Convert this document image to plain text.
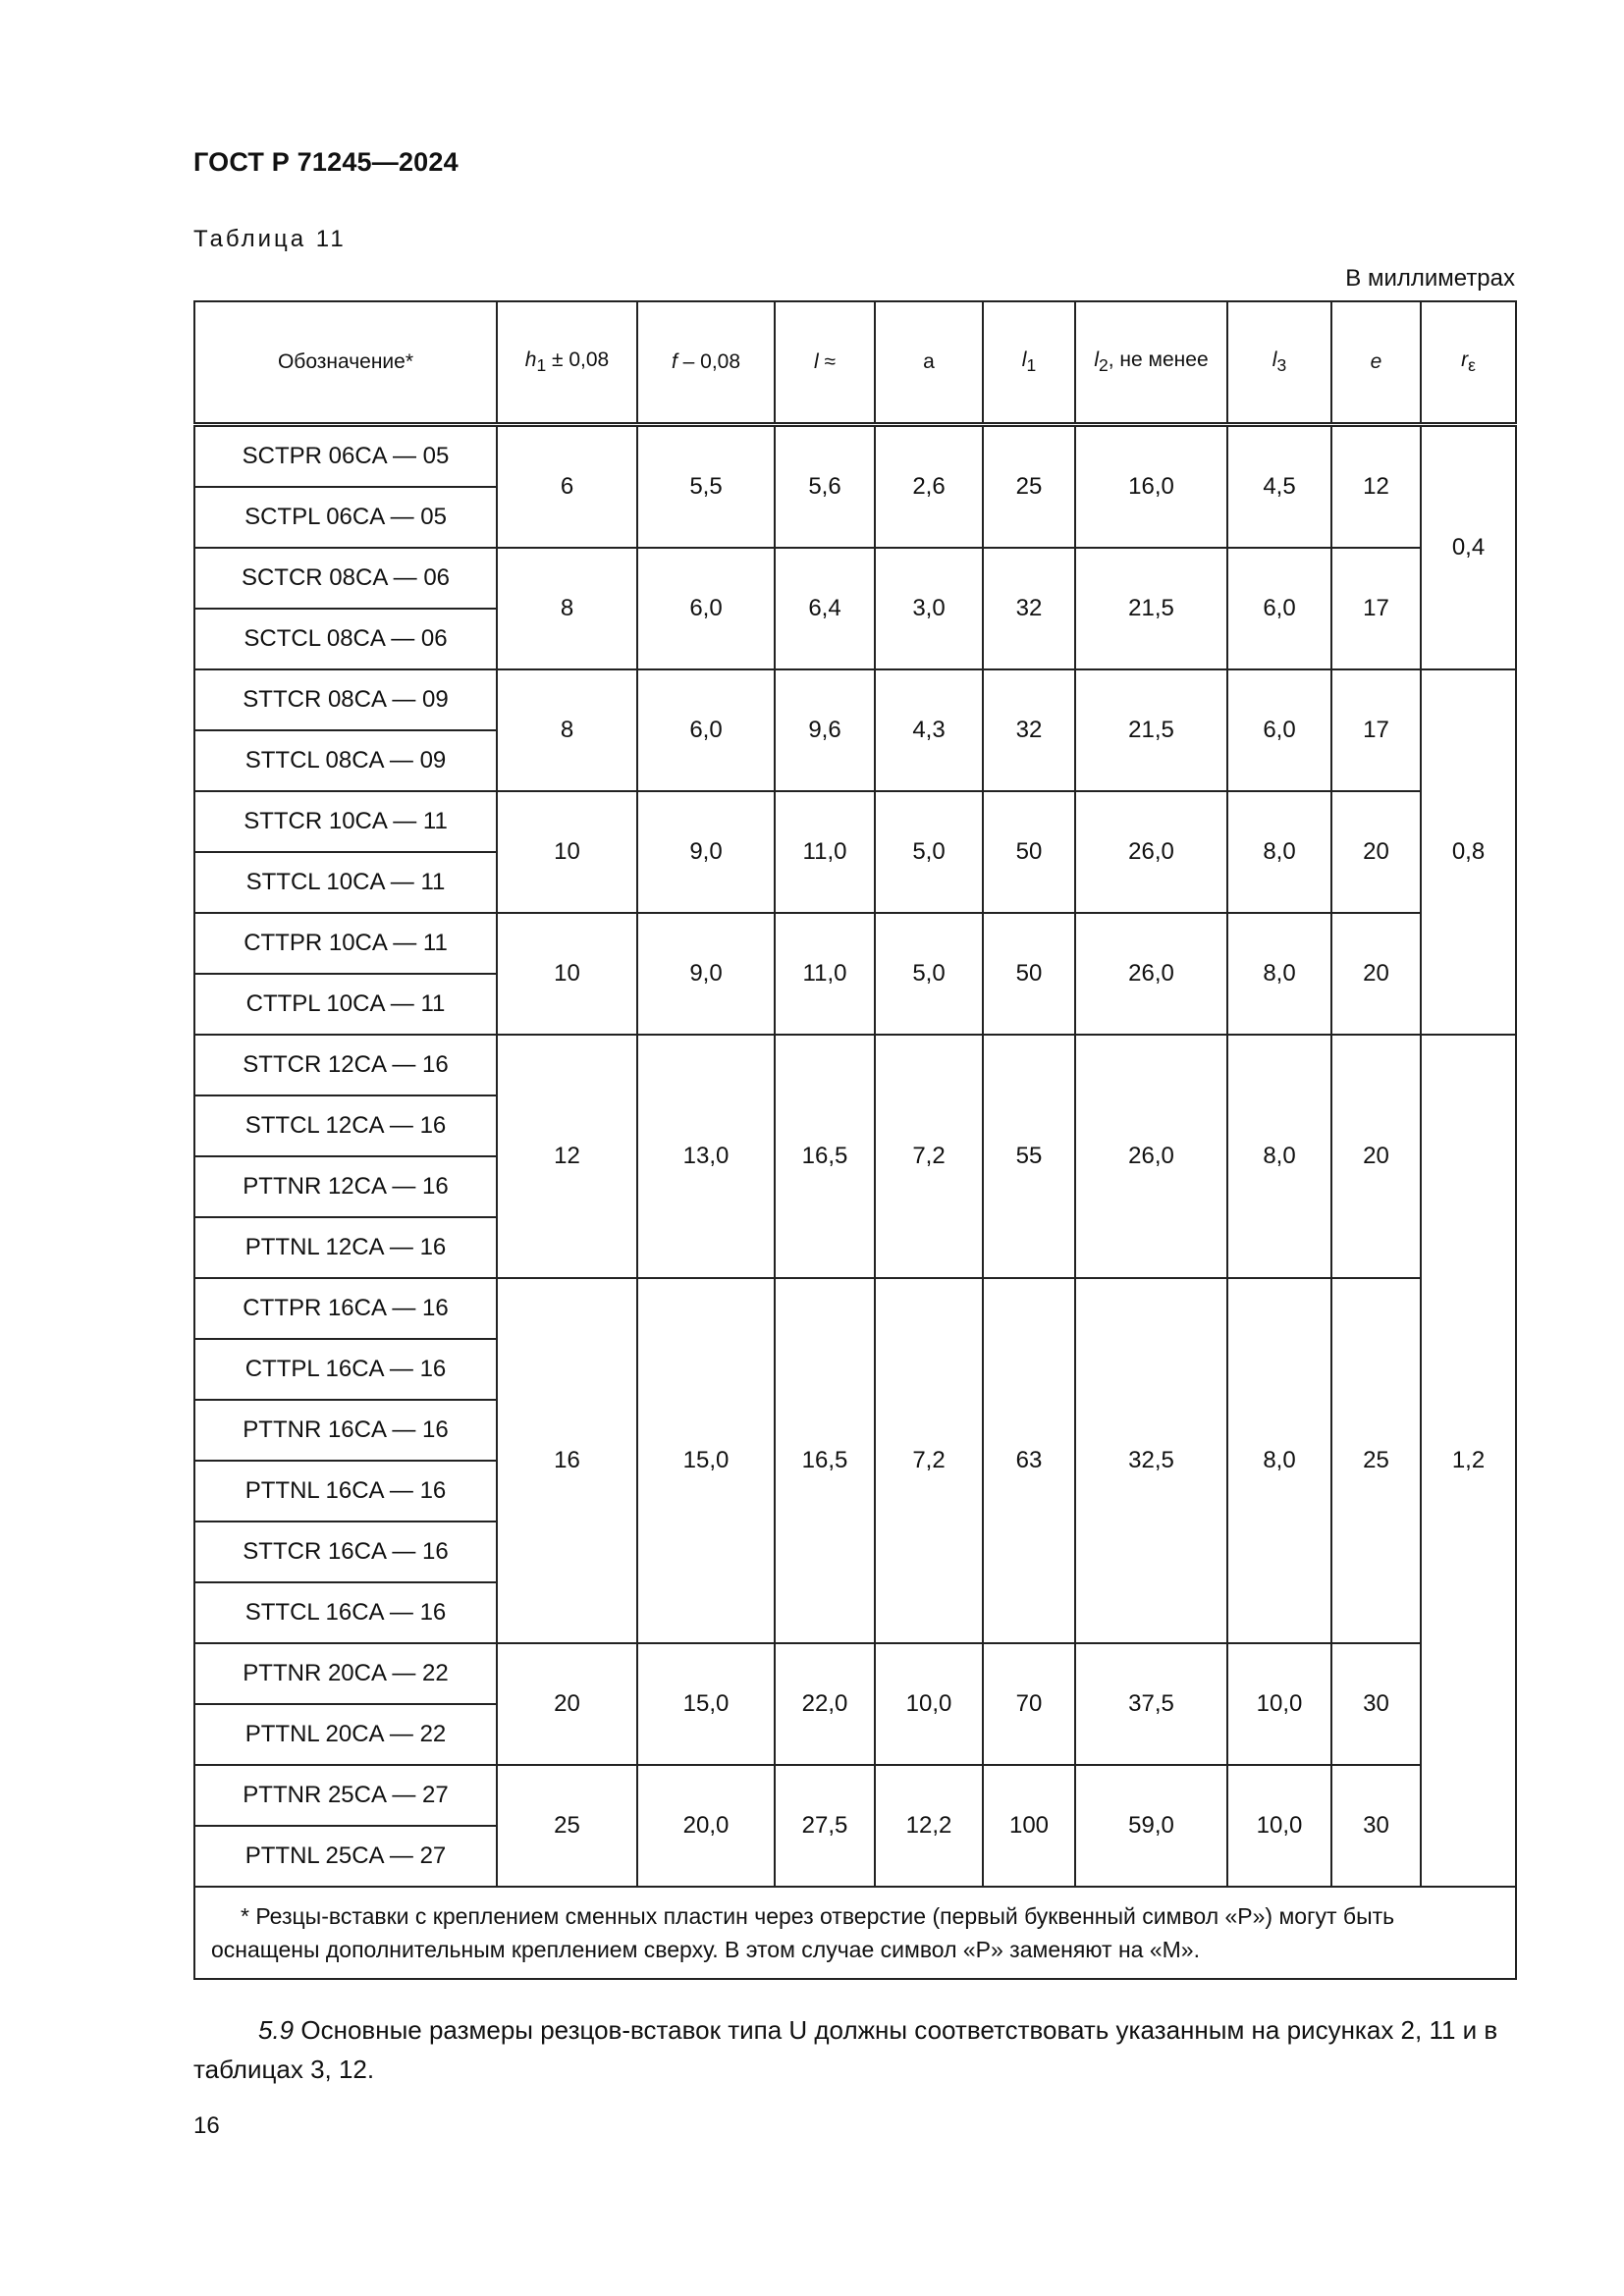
ГОСТ Р 71245—2024
Таблица 11
В миллиметрах
Обозначение*	$h_1 \pm 0,08$	f – 0,08	l ≈	a	$l_1$	$l_2$, не менее	$l_3$	e	$r_\varepsilon$
SCTPR 06CA — 05	6	5,5	5,6	2,6	25	16,0	4,5	12	0,4
SCTPL 06CA — 05									
SCTCR 08CA — 06	8	6,0	6,4	3,0	32	21,5	6,0	17	
SCTCL 08CA — 06									
STTCR 08CA — 09	8	6,0	9,6	4,3	32	21,5	6,0	17	0,8
STTCL 08CA — 09									
STTCR 10CA — 11	10	9,0	11,0	5,0	50	26,0	8,0	20	
STTCL 10CA — 11									
CTTPR 10CA — 11	10	9,0	11,0	5,0	50	26,0	8,0	20	
CTTPL 10CA — 11									
STTCR 12CA — 16	12	13,0	16,5	7,2	55	26,0	8,0	20	1,2
STTCL 12CA — 16									
PTTNR 12CA — 16									
PTTNL 12CA — 16									
CTTPR 16CA — 16	16	15,0	16,5	7,2	63	32,5	8,0	25	
CTTPL 16CA — 16									
PTTNR 16CA — 16									
PTTNL 16CA — 16									
STTCR 16CA — 16									
STTCL 16CA — 16									
PTTNR 20CA — 22	20	15,0	22,0	10,0	70	37,5	10,0	30	
PTTNL 20CA — 22									
PTTNR 25CA — 27	25	20,0	27,5	12,2	100	59,0	10,0	30	
PTTNL 25CA — 27									

* Резцы-вставки с креплением сменных пластин через отверстие (первый буквенный символ «P») могут быть оснащены дополнительным креплением сверху. В этом случае символ «P» заменяют на «M».									
5.9 Основные размеры резцов-вставок типа U должны соответствовать указанным на рисунках 2, 11 и в таблицах 3, 12.
16
